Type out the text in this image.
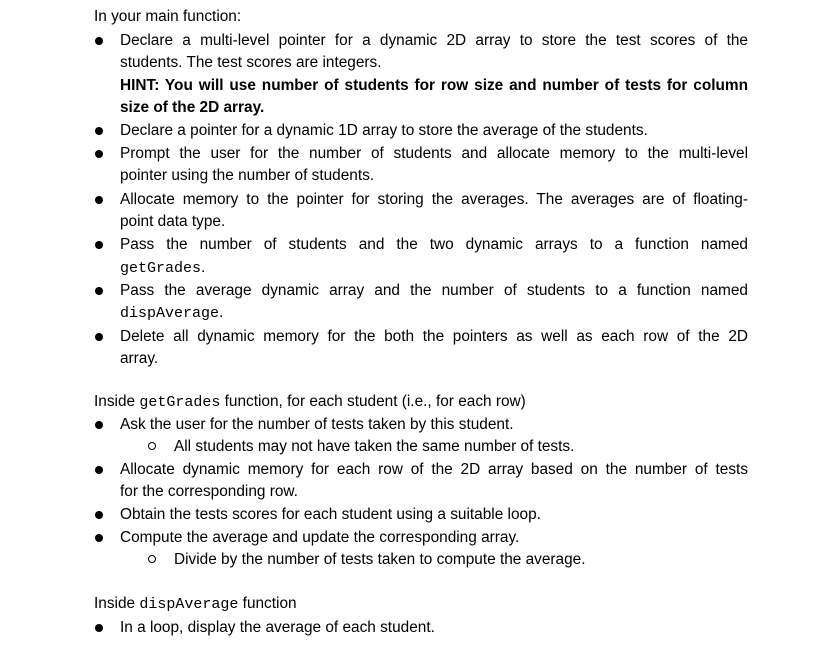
In your main function:
Declare a multi-level pointer for a dynamic 2D array to store the test scores of the
students. The test scores are integers.
HINT: You will use number of students for row size and number of tests for column
size of the 2D array.
Declare a pointer for a dynamic 1D array to store the average of the students.
Prompt the user for the number of students and allocate memory to the multi-level
pointer using the number of students.
Allocate memory to the pointer for storing the averages. The averages are of floating-
point data type.
Pass the number of students and the two dynamic arrays to a function named
getGrades.
Pass the average dynamic array and the number of students to a function named
dispAverage.
Delete all dynamic memory for the both the pointers as well as each row of the 2D
array.
Inside getGrades function, for each student (i.e., for each row)
Ask the user for the number of tests taken by this student.
All students may not have taken the same number of tests.
Allocate dynamic memory for each row of the 2D array based on the number of tests
for the corresponding row.
Obtain the tests scores for each student using a suitable loop.
Compute the average and update the corresponding array.
Divide by the number of tests taken to compute the average.
Inside dispAverage function
In a loop, display the average of each student.
